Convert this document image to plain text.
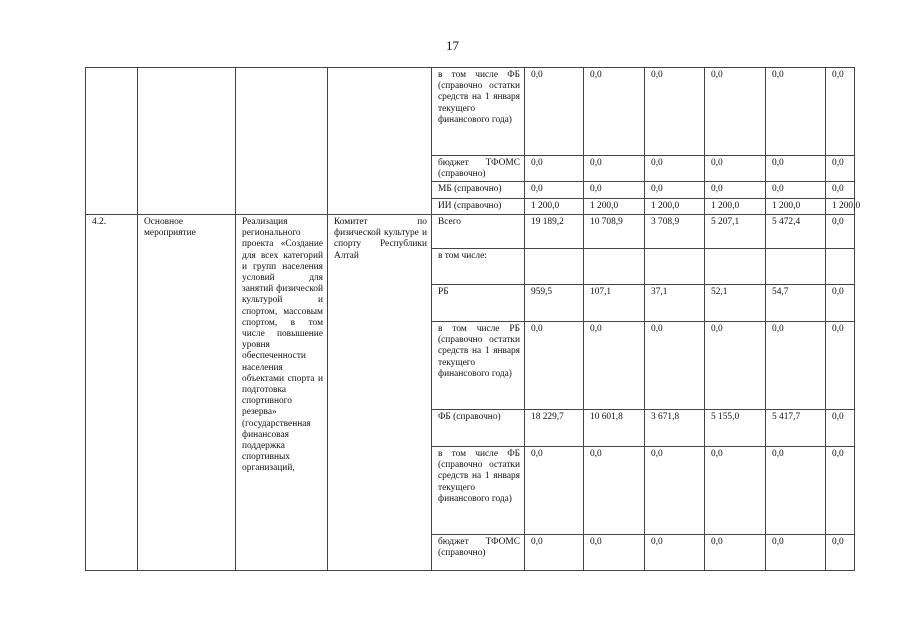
17
				в том числе ФБ (справочно остатки средств на 1 января текущего финансового года)	0,0	0,0	0,0	0,0	0,0	0,0
				бюджет ТФОМС (справочно)	0,0	0,0	0,0	0,0	0,0	0,0
				МБ (справочно)	0,0	0,0	0,0	0,0	0,0	0,0
				ИИ (справочно)	1 200,0	1 200,0	1 200,0	1 200,0	1 200,0	1 200,0
4.2.	Основное мероприятие	Реализация регионального проекта «Создание для всех категорий и групп населения условий для занятий физической культурой и спортом, массовым спортом, в том числе повышение уровня обеспеченности населения объектами спорта и подготовка спортивного резерва» (государственная финансовая поддержка спортивных организаций,	Комитет по физической культуре и спорту Республики Алтай	Всего	19 189,2	10 708,9	3 708,9	5 207,1	5 472,4	0,0
				в том числе:						
				РБ	959,5	107,1	37,1	52,1	54,7	0,0
				в том числе РБ (справочно остатки средств на 1 января текущего финансового года)	0,0	0,0	0,0	0,0	0,0	0,0
				ФБ (справочно)	18 229,7	10 601,8	3 671,8	5 155,0	5 417,7	0,0
				в том числе ФБ (справочно остатки средств на 1 января текущего финансового года)	0,0	0,0	0,0	0,0	0,0	0,0
				бюджет ТФОМС (справочно)	0,0	0,0	0,0	0,0	0,0	0,0
